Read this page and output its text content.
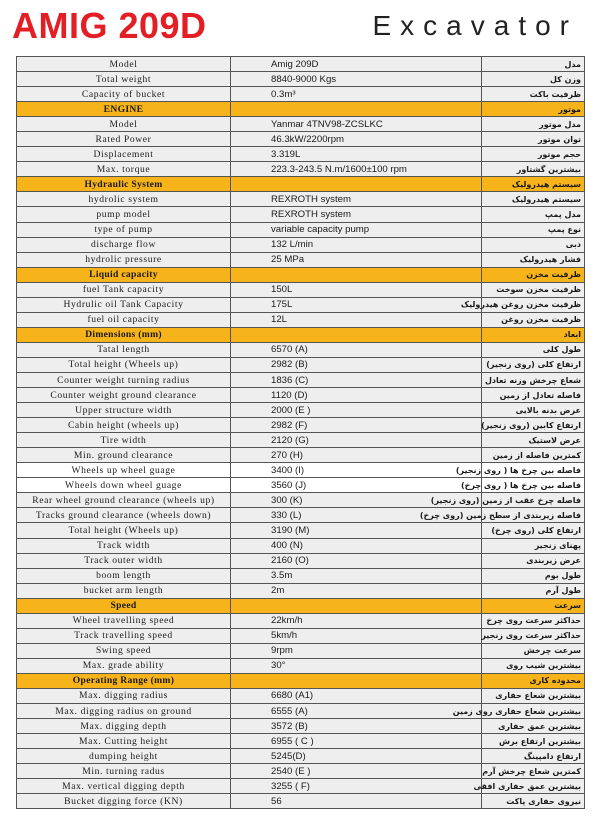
AMIG 209D	Excavator
Model	Amig 209D	مدل
Total weight	8840-9000 Kgs	وزن کل
Capacity of bucket	0.3m³	ظرفیت باکت
ENGINE		موتور
Model	Yanmar 4TNV98-ZCSLKC	مدل موتور
Rated Power	46.3kW/2200rpm	توان موتور
Displacement	3.319L	حجم موتور
Max. torque	223.3-243.5 N.m/1600±100 rpm	بیشترین گشتاور
Hydraulic System		سیستم هیدرولیک
hydrolic system	REXROTH system	سیستم هیدرولیک
pump model	REXROTH system	مدل پمپ
type of pump	variable capacity pump	نوع پمپ
discharge flow	132 L/min	دبی
hydrolic pressure	25 MPa	فشار هیدرولیک
Liquid capacity		ظرفیت مخزن
fuel Tank capacity	150L	ظرفیت مخزن سوخت
Hydrulic oil Tank Capacity	175L	ظرفیت مخزن روغن هیدرولیک
fuel oil capacity	12L	ظرفیت مخزن روغن
Dimensions (mm)		ابعاد
Tatal length	6570 (A)	طول کلی
Total height (Wheels up)	2982 (B)	ارتفاع کلی (روی زنجیر)
Counter weight turning radius	1836 (C)	شعاع چرخش وزنه تعادل
Counter weight ground clearance	1120 (D)	فاصله تعادل از زمین
Upper structure width	2000 (E )	عرض بدنه بالایی
Cabin height (wheels up)	2982 (F)	ارتفاع کابین (روی زنجیر)
Tire width	2120 (G)	عرض لاستیک
Min. ground clearance	270 (H)	کمترین فاصله از زمین
Wheels up wheel guage	3400 (I)	فاصله بین چرخ ها ( روی زنجیر)
Wheels down wheel guage	3560 (J)	فاصله بین چرخ ها ( روی چرخ)
Rear wheel ground clearance (wheels up)	300 (K)	فاصله چرخ عقب از زمین (روی زنجیر)
Tracks ground clearance (wheels down)	330 (L)	فاصله زیربندی از سطح زمین (روی چرخ)
Total height (Wheels up)	3190 (M)	ارتفاع کلی (روی چرخ)
Track width	400 (N)	پهنای زنجیر
Track outer width	2160 (O)	عرض زیربندی
boom length	3.5m	طول بوم
bucket arm length	2m	طول آرم
Speed		سرعت
Wheel travelling speed	22km/h	حداکثر سرعت روی چرخ
Track travelling speed	5km/h	حداکثر سرعت روی زنجیر
Swing speed	9rpm	سرعت چرخش
Max. grade ability	30°	بیشترین شیب روی
Operating Range (mm)		محدوده کاری
Max. digging radius	6680 (A1)	بیشترین شعاع حفاری
Max. digging radius on ground	6555 (A)	بیشترین شعاع حفاری روی زمین
Max. digging depth	3572 (B)	بیشترین عمق حفاری
Max. Cutting height	6955 ( C )	بیشترین ارتفاع برش
dumping height	5245(D)	ارتفاع دامپینگ
Min. turning radus	2540 (E )	کمترین شعاع چرخش آرم
Max. vertical digging depth	3255 ( F)	بیشترین عمق حفاری افقی
Bucket digging force (KN)	56	نیروی حفاری پاکت
